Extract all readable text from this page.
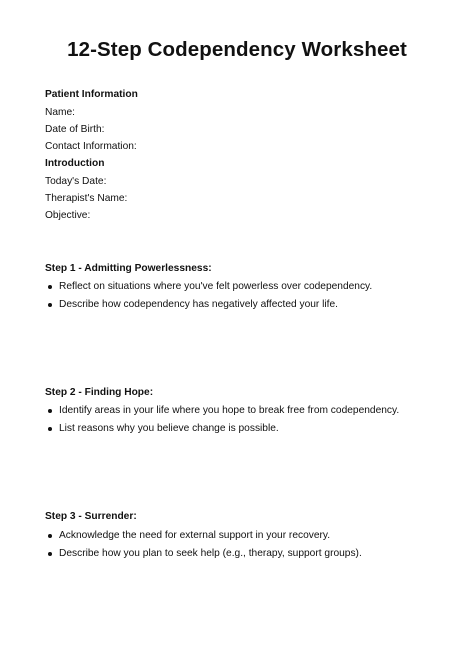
12-Step Codependency Worksheet
Patient Information
Name:
Date of Birth:
Contact Information:
Introduction
Today's Date:
Therapist's Name:
Objective:
Step 1 - Admitting Powerlessness:
Reflect on situations where you've felt powerless over codependency.
Describe how codependency has negatively affected your life.
Step 2 - Finding Hope:
Identify areas in your life where you hope to break free from codependency.
List reasons why you believe change is possible.
Step 3 - Surrender:
Acknowledge the need for external support in your recovery.
Describe how you plan to seek help (e.g., therapy, support groups).
